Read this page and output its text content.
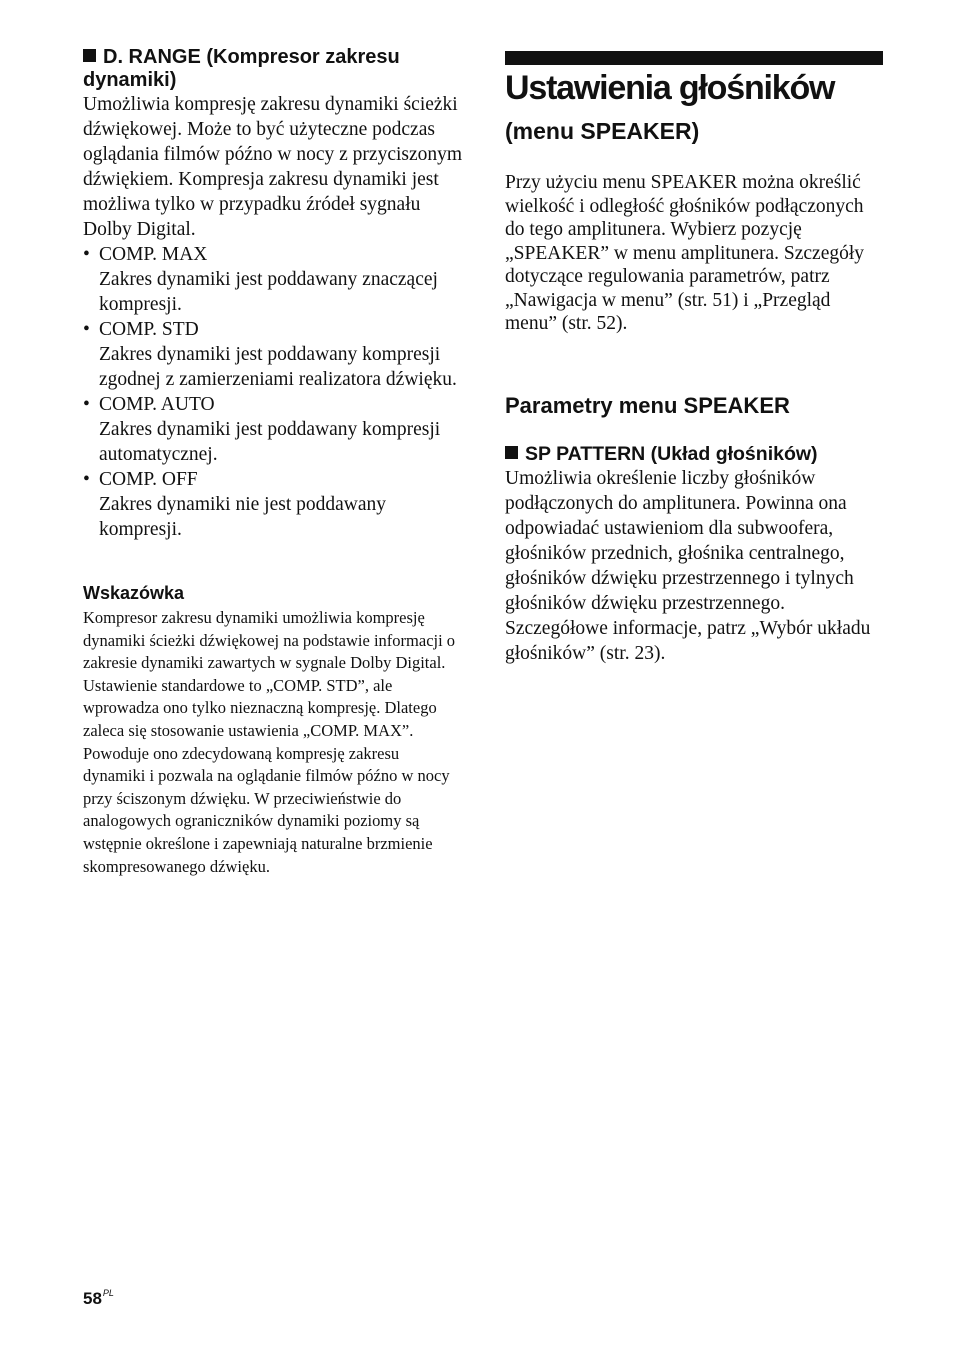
D. RANGE (Kompresor zakresu dynamiki)

Umożliwia kompresję zakresu dynamiki ścieżki dźwiękowej. Może to być użyteczne podczas oglądania filmów późno w nocy z przyciszonym dźwiękiem. Kompresja zakresu dynamiki jest możliwa tylko w przypadku źródeł sygnału Dolby Digital.

• COMP. MAX
Zakres dynamiki jest poddawany znaczącej kompresji.
• COMP. STD
Zakres dynamiki jest poddawany kompresji zgodnej z zamierzeniami realizatora dźwięku.
• COMP. AUTO
Zakres dynamiki jest poddawany kompresji automatycznej.
• COMP. OFF
Zakres dynamiki nie jest poddawany kompresji.
Wskazówka

Kompresor zakresu dynamiki umożliwia kompresję dynamiki ścieżki dźwiękowej na podstawie informacji o zakresie dynamiki zawartych w sygnale Dolby Digital. Ustawienie standardowe to „COMP. STD”, ale wprowadza ono tylko nieznaczną kompresję. Dlatego zaleca się stosowanie ustawienia „COMP. MAX”. Powoduje ono zdecydowaną kompresję zakresu dynamiki i pozwala na oglądanie filmów późno w nocy przy ściszonym dźwięku. W przeciwieństwie do analogowych ograniczników dynamiki poziomy są wstępnie określone i zapewniają naturalne brzmienie skompresowanego dźwięku.

Ustawienia głośników
(menu SPEAKER)

Przy użyciu menu SPEAKER można określić wielkość i odległość głośników podłączonych do tego amplitunera. Wybierz pozycję „SPEAKER” w menu amplitunera. Szczegóły dotyczące regulowania parametrów, patrz „Nawigacja w menu” (str. 51) i „Przegląd menu” (str. 52).

Parametry menu SPEAKER
SP PATTERN (Układ głośników)

Umożliwia określenie liczby głośników podłączonych do amplitunera. Powinna ona odpowiadać ustawieniom dla subwoofera, głośników przednich, głośnika centralnego, głośników dźwięku przestrzennego i tylnych głośników dźwięku przestrzennego. Szczegółowe informacje, patrz „Wybór układu głośników” (str. 23).

$58^{PL}$
